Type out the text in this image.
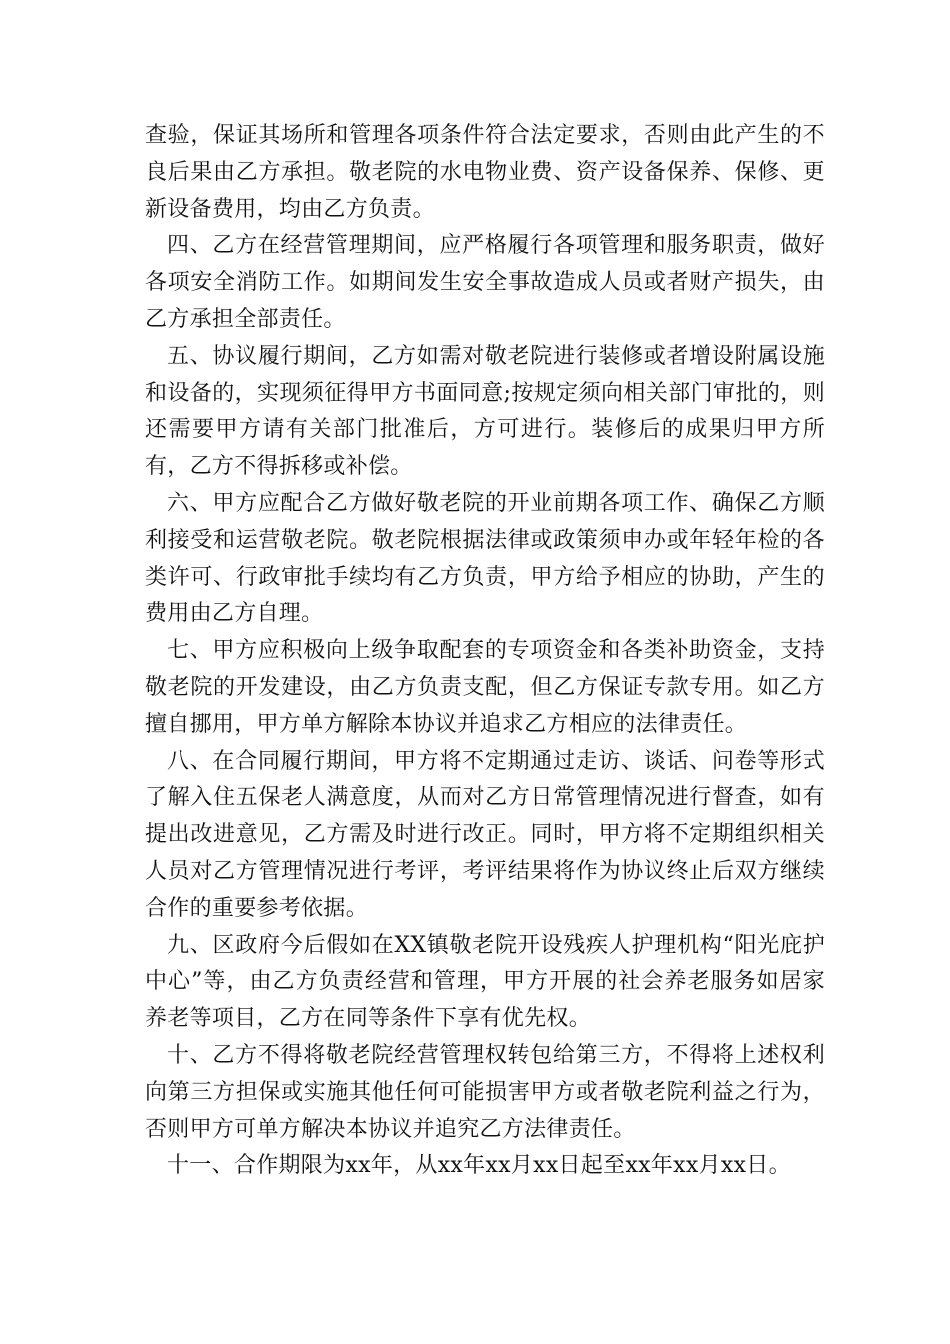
查验，保证其场所和管理各项条件符合法定要求，否则由此产生的不良后果由乙方承担。敬老院的水电物业费、资产设备保养、保修、更新设备费用，均由乙方负责。

四、乙方在经营管理期间，应严格履行各项管理和服务职责，做好各项安全消防工作。如期间发生安全事故造成人员或者财产损失，由乙方承担全部责任。

五、协议履行期间，乙方如需对敬老院进行装修或者增设附属设施和设备的，实现须征得甲方书面同意;按规定须向相关部门审批的，则还需要甲方请有关部门批准后，方可进行。装修后的成果归甲方所有，乙方不得拆移或补偿。

六、甲方应配合乙方做好敬老院的开业前期各项工作、确保乙方顺利接受和运营敬老院。敬老院根据法律或政策须申办或年轻年检的各类许可、行政审批手续均有乙方负责，甲方给予相应的协助，产生的费用由乙方自理。

七、甲方应积极向上级争取配套的专项资金和各类补助资金，支持敬老院的开发建设，由乙方负责支配，但乙方保证专款专用。如乙方擅自挪用，甲方单方解除本协议并追求乙方相应的法律责任。

八、在合同履行期间，甲方将不定期通过走访、谈话、问卷等形式了解入住五保老人满意度，从而对乙方日常管理情况进行督查，如有提出改进意见，乙方需及时进行改正。同时，甲方将不定期组织相关人员对乙方管理情况进行考评，考评结果将作为协议终止后双方继续合作的重要参考依据。

九、区政府今后假如在XX镇敬老院开设残疾人护理机构“阳光庇护中心”等，由乙方负责经营和管理，甲方开展的社会养老服务如居家养老等项目，乙方在同等条件下享有优先权。

十、乙方不得将敬老院经营管理权转包给第三方，不得将上述权利向第三方担保或实施其他任何可能损害甲方或者敬老院利益之行为，否则甲方可单方解决本协议并追究乙方法律责任。

十一、合作期限为xx年，从xx年xx月xx日起至xx年xx月xx日。
